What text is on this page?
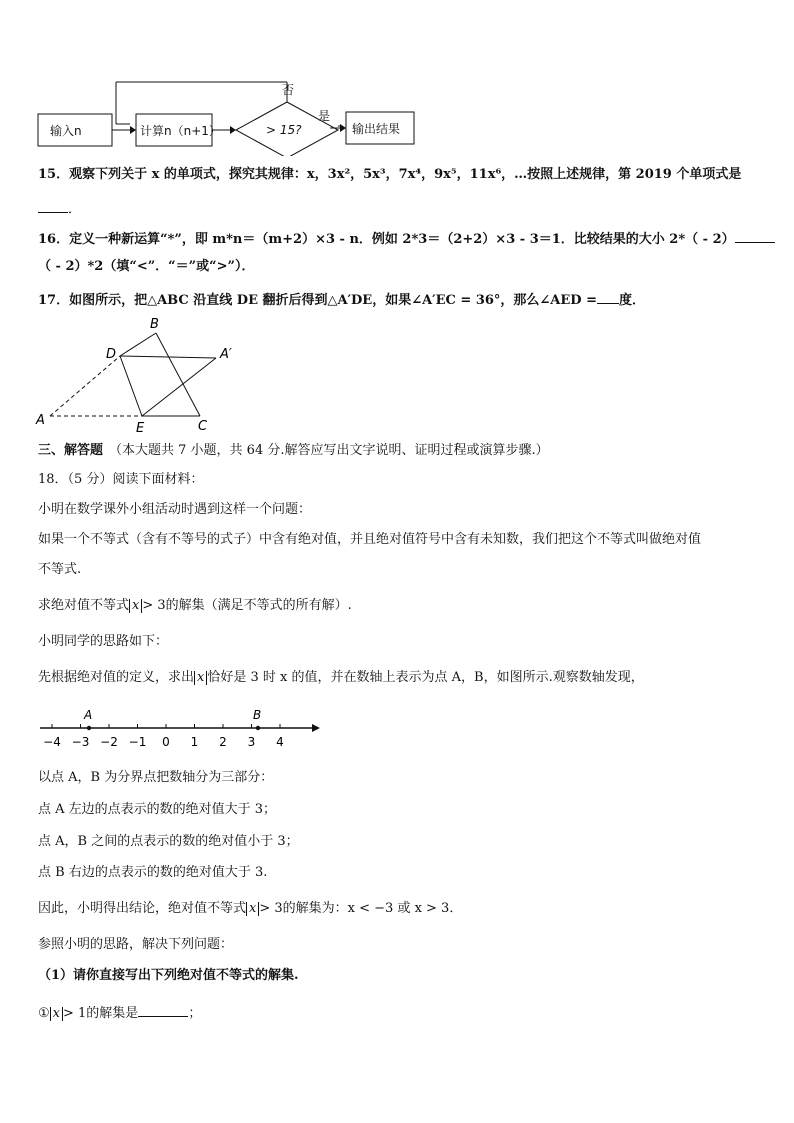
输入n	计算n（n+1）	> 15?
否
是
输出结果
15．观察下列关于 x 的单项式，探究其规律：x，3x²，5x³，7x⁴，9x⁵，11x⁶，…按照上述规律，第 2019 个单项式是
．
16．定义一种新运算“*”，即 m*n＝（m+2）×3 - n．例如 2*3＝（2+2）×3 - 3＝1．比较结果的大小 2*（ - 2）
（ - 2）*2（填“<”．“＝”或“>”）．
17．如图所示，把△ABC 沿直线 DE 翻折后得到△A′DE，如果∠A′EC = 36°，那么∠AED = 度．
B
D	A′
A
E	C
三、解答题 （本大题共 7 小题，共 64 分.解答应写出文字说明、证明过程或演算步骤.）
18．（5 分）阅读下面材料：
小明在数学课外小组活动时遇到这样一个问题：
如果一个不等式（含有不等号的式子）中含有绝对值，并且绝对值符号中含有未知数，我们把这个不等式叫做绝对值
不等式.
求绝对值不等式 x > 3的解集（满足不等式的所有解）.
小明同学的思路如下：
先根据绝对值的定义，求出 x 恰好是 3 时 x 的值，并在数轴上表示为点 A，B，如图所示.观察数轴发现，
−4 −3 −2 −1 0 1 2 3 4
A	B
以点 A，B 为分界点把数轴分为三部分：
点 A 左边的点表示的数的绝对值大于 3；
点 A，B 之间的点表示的数的绝对值小于 3；
点 B 右边的点表示的数的绝对值大于 3.
因此，小明得出结论，绝对值不等式 x > 3的解集为：x < −3 或 x > 3．
参照小明的思路，解决下列问题：
（1）请你直接写出下列绝对值不等式的解集.
① x > 1的解集是	；
